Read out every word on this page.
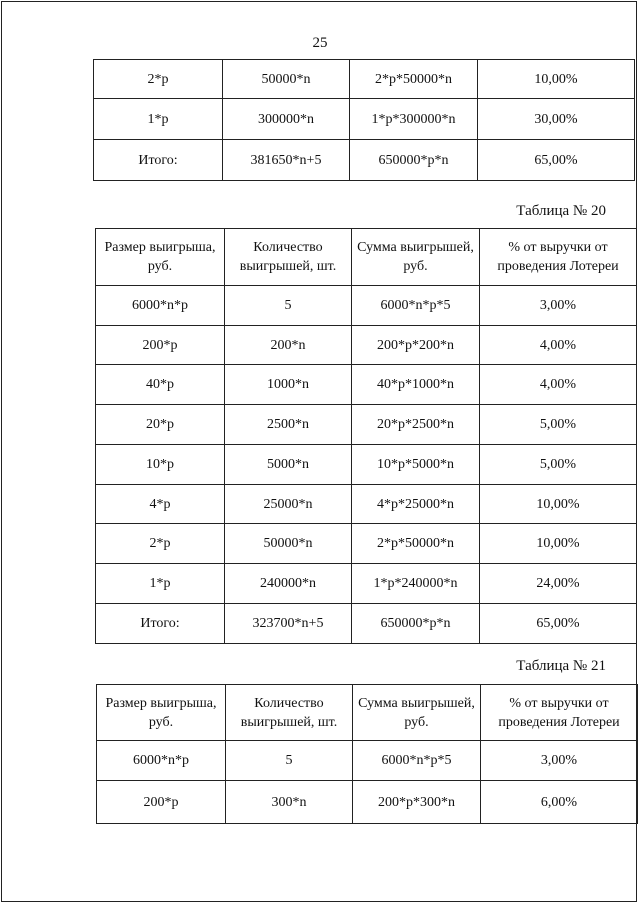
25
2*р	50000*n	2*р*50000*n	10,00%
1*р	300000*n	1*р*300000*n	30,00%
Итого:	381650*n+5	650000*р*n	65,00%
Таблица № 20
Размер выигрыша, руб.	Количество выигрышей, шт.	Сумма выигрышей, руб.	% от выручки от проведения Лотереи
6000*n*р	5	6000*n*р*5	3,00%
200*р	200*n	200*р*200*n	4,00%
40*р	1000*n	40*р*1000*n	4,00%
20*р	2500*n	20*р*2500*n	5,00%
10*р	5000*n	10*р*5000*n	5,00%
4*р	25000*n	4*р*25000*n	10,00%
2*р	50000*n	2*р*50000*n	10,00%
1*р	240000*n	1*р*240000*n	24,00%
Итого:	323700*n+5	650000*р*n	65,00%
Таблица № 21
Размер выигрыша, руб.	Количество выигрышей, шт.	Сумма выигрышей, руб.	% от выручки от проведения Лотереи
6000*n*р	5	6000*n*р*5	3,00%
200*р	300*n	200*р*300*n	6,00%
